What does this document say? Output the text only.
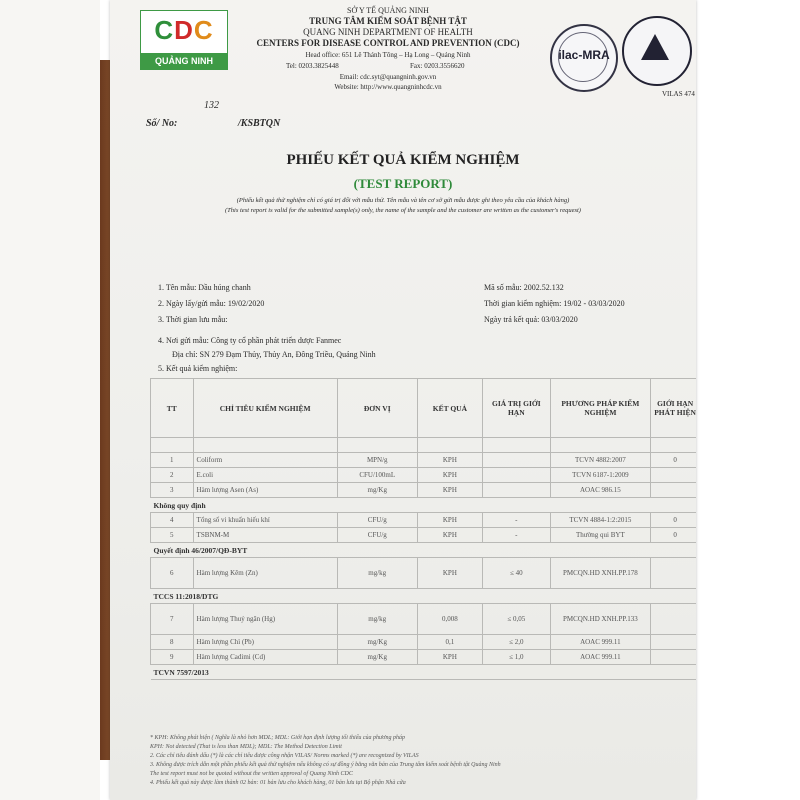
CDC
QUẢNG NINH
SỞ Y TẾ QUẢNG NINH
TRUNG TÂM KIỂM SOÁT BỆNH TẬT
QUANG NINH DEPARTMENT OF HEALTH
CENTERS FOR DISEASE CONTROL AND PREVENTION (CDC)
Head office: 651 Lê Thánh Tông – Hạ Long – Quảng Ninh
Tel: 0203.3825448	Fax: 0203.3556620
Email: cdc.syt@quangninh.gov.vn
Website: http://www.quangninhcdc.vn
ilac-MRA
VILAS 474
Số/ No:
132
/KSBTQN
PHIẾU KẾT QUẢ KIỂM NGHIỆM
(TEST REPORT)
(Phiếu kết quả thử nghiệm chỉ có giá trị đối với mẫu thử. Tên mẫu và tên cơ sở gửi mẫu được ghi theo yêu cầu của khách hàng)
(This test report is valid for the submitted sample(s) only, the name of the sample and the customer are written as the customer's request)
1. Tên mẫu: Dầu húng chanh	Mã số mẫu: 2002.52.132
2. Ngày lấy/gửi mẫu: 19/02/2020	Thời gian kiểm nghiệm: 19/02 - 03/03/2020
3. Thời gian lưu mẫu:	Ngày trả kết quả: 03/03/2020
4. Nơi gửi mẫu: Công ty cổ phần phát triển dược Fanmec
Địa chỉ: SN 279 Đạm Thủy, Thủy An, Đông Triều, Quảng Ninh
5. Kết quả kiểm nghiệm:
TT	CHỈ TIÊU KIỂM NGHIỆM	ĐƠN VỊ	KẾT QUẢ	GIÁ TRỊ GIỚI HẠN	PHƯƠNG PHÁP KIỂM NGHIỆM	GIỚI HẠN PHÁT HIỆN

1	Coliform	MPN/g	KPH		TCVN 4882:2007	0
2	E.coli	CFU/100mL	KPH		TCVN 6187-1:2009	
3	Hàm lượng Asen (As)	mg/Kg	KPH		AOAC 986.15	
Không quy định						
4	Tổng số vi khuẩn hiếu khí	CFU/g	KPH	-	TCVN 4884-1:2:2015	0
5	TSBNM-M	CFU/g	KPH	-	Thường qui BYT	0
Quyết định 46/2007/QĐ-BYT						
6	Hàm lượng Kẽm (Zn)	mg/kg	KPH	≤ 40	PMCQN.HD XNH.PP.178	
TCCS 11:2018/DTG						
7	Hàm lượng Thuỷ ngân (Hg)	mg/kg	0,008	≤ 0,05	PMCQN.HD XNH.PP.133	
8	Hàm lượng Chì (Pb)	mg/Kg	0,1	≤ 2,0	AOAC 999.11	
9	Hàm lượng Cadimi (Cd)	mg/Kg	KPH	≤ 1,0	AOAC 999.11	
TCVN 7597/2013						
* KPH: Không phát hiện ( Nghĩa là nhỏ hơn MDL; MDL: Giới hạn định lượng tối thiểu của phương pháp
KPH: Not detected (That is less than MDL); MDL: The Method Detection Limit
2. Các chỉ tiêu đánh dấu (*) là các chỉ tiêu được công nhận VILAS/ Norms marked (*) are recognized by VILAS
3. Không được trích dẫn một phần phiếu kết quả thử nghiệm nếu không có sự đồng ý bằng văn bản của Trung tâm kiểm soát bệnh tật Quảng Ninh
The test report must not be quoted without the written approval of Quang Ninh CDC
4. Phiếu kết quả này được làm thành 02 bản: 01 bản lưu cho khách hàng, 01 bản lưu tại Bộ phận Nhà cửa
